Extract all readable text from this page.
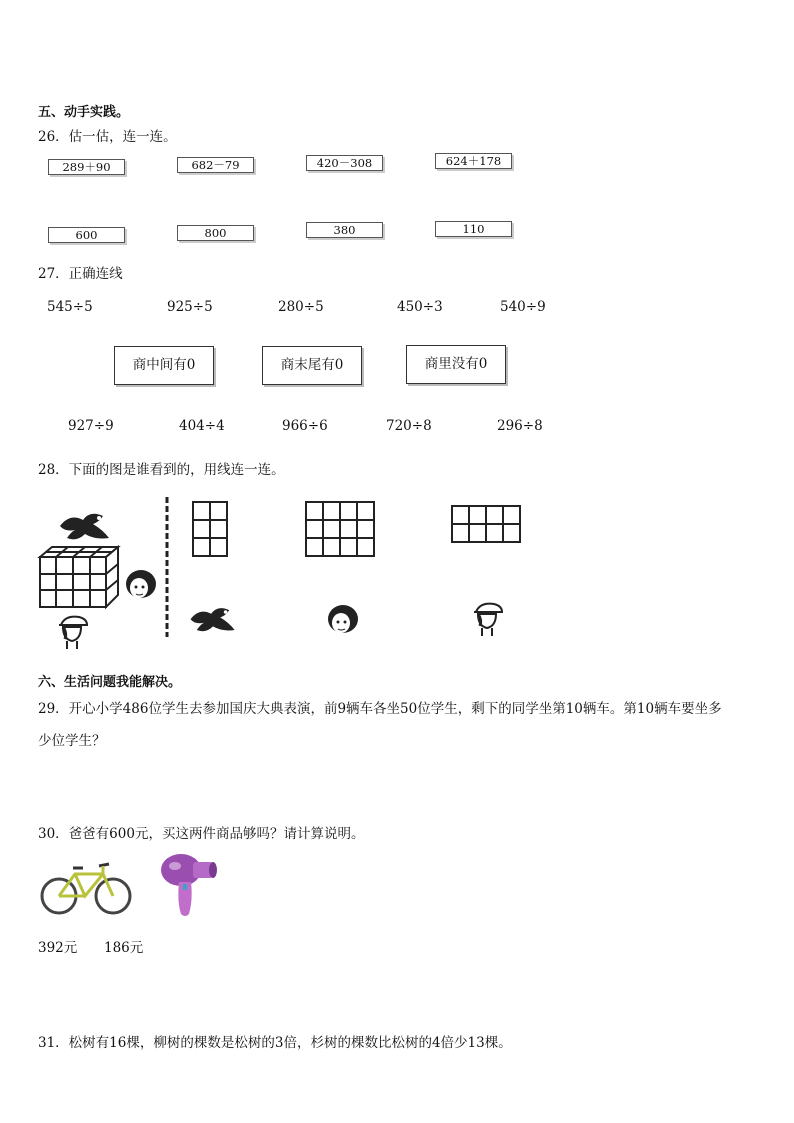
五、动手实践。
26．估一估，连一连。
289＋90	682－79	420－308	624＋178
600	800	380	110
27．正确连线
545÷5	925÷5	280÷5	450÷3	540÷9
商中间有0	商末尾有0	商里没有0
927÷9	404÷4	966÷6	720÷8	296÷8
28．下面的图是谁看到的，用线连一连。

六、生活问题我能解决。
29．开心小学486位学生去参加国庆大典表演，前9辆车各坐50位学生，剩下的同学坐第10辆车。第10辆车要坐多
少位学生？
30．爸爸有600元，买这两件商品够吗？请计算说明。
392元 186元
31．松树有16棵，柳树的棵数是松树的3倍，杉树的棵数比松树的4倍少13棵。
